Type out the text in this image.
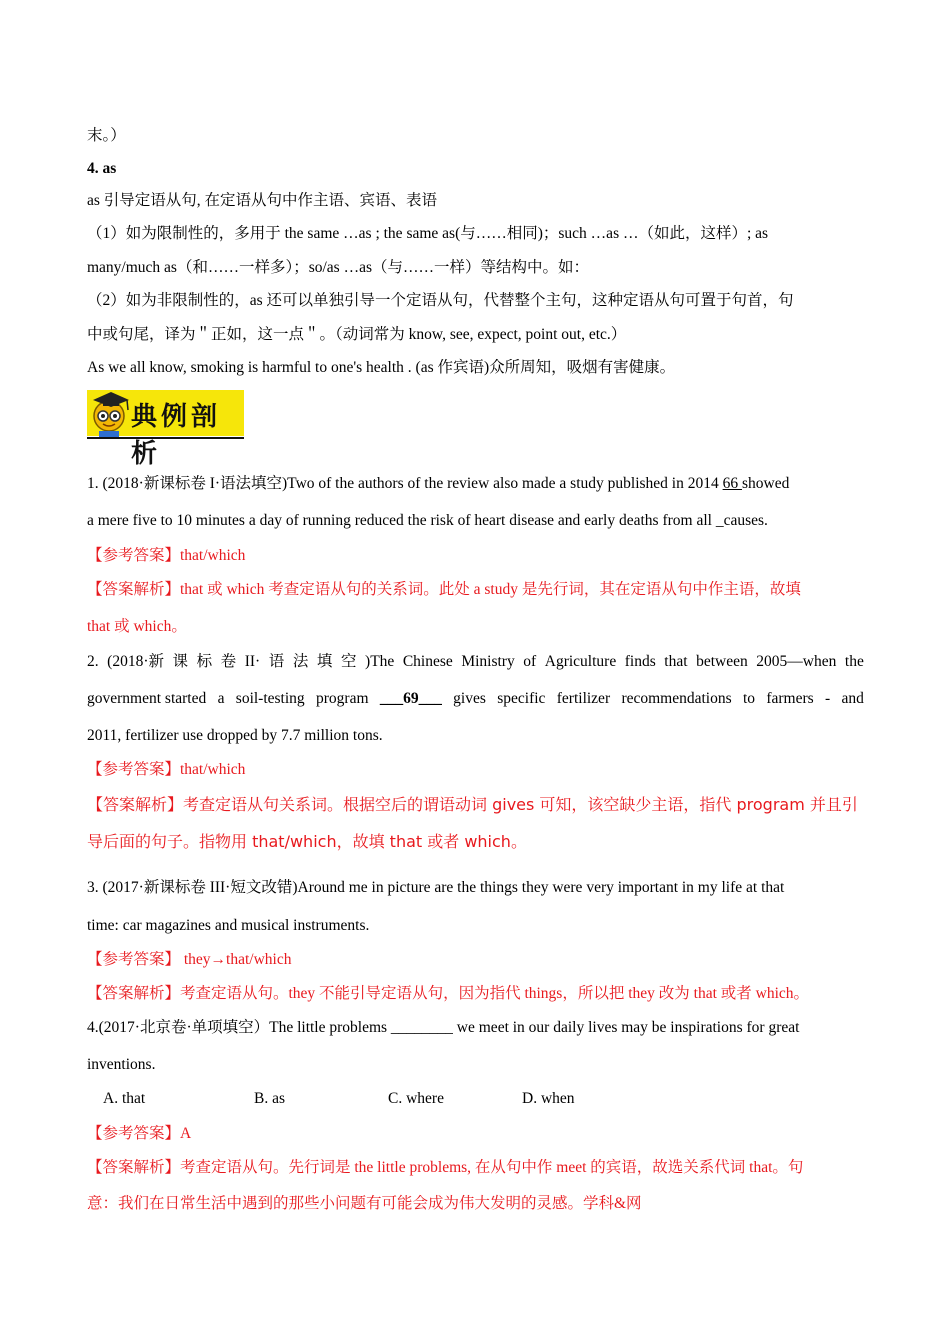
末。）
4. as
as 引导定语从句, 在定语从句中作主语、宾语、表语
（1）如为限制性的，多用于 the same …as ; the same as(与……相同)；such …as …（如此，这样）; as
many/much as（和……一样多）；so/as …as（与……一样）等结构中。如：
（2）如为非限制性的，as 还可以单独引导一个定语从句，代替整个主句，这种定语从句可置于句首，句
中或句尾，译为＂正如，这一点＂。（动词常为 know, see, expect, point out, etc.）
As we all know, smoking is harmful to one's health . (as 作宾语)众所周知，吸烟有害健康。
典例剖析
1. (2018·新课标卷 I·语法填空)Two of the authors of the review also made a study published in 2014 66 showed
a mere five to 10 minutes a day of running reduced the risk of heart disease and early deaths from all _causes.
【参考答案】that/which
【答案解析】that 或 which 考查定语从句的关系词。此处 a study 是先行词，其在定语从句中作主语，故填
that 或 which。
2. (2018·新 课 标 卷 II· 语 法 填 空 )The Chinese Ministry of Agriculture finds that between 2005—when the
government started a soil-testing program ___69___ gives specific fertilizer recommendations to farmers - and
2011, fertilizer use dropped by 7.7 million tons.
【参考答案】that/which
【答案解析】考查定语从句关系词。根据空后的谓语动词 gives 可知，该空缺少主语，指代 program 并且引
导后面的句子。指物用 that/which，故填 that 或者 which。
3. (2017·新课标卷 III·短文改错)Around me in picture are the things they were very important in my life at that
time: car magazines and musical instruments.
【参考答案】 they→that/which
【答案解析】考查定语从句。they 不能引导定语从句，因为指代 things，所以把 they 改为 that 或者 which。
4.(2017·北京卷·单项填空）The little problems ________ we meet in our daily lives may be inspirations for great
inventions.
A. that	B. as	C. where	D. when
【参考答案】A
【答案解析】考查定语从句。先行词是 the little problems, 在从句中作 meet 的宾语，故选关系代词 that。句
意：我们在日常生活中遇到的那些小问题有可能会成为伟大发明的灵感。学科&网
